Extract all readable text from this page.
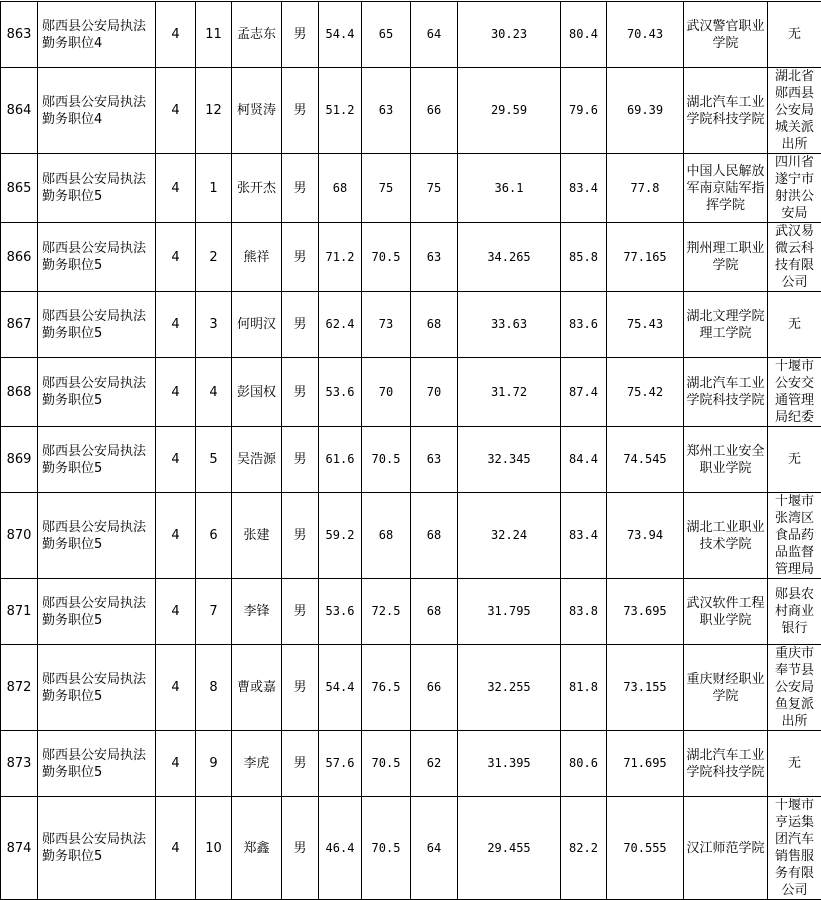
863	郧西县公安局执法勤务职位4	4	11	孟志东	男	54.4	65	64	30.23	80.4	70.43	武汉警官职业学院	无
864	郧西县公安局执法勤务职位4	4	12	柯贤涛	男	51.2	63	66	29.59	79.6	69.39	湖北汽车工业学院科技学院	湖北省郧西县公安局城关派出所
865	郧西县公安局执法勤务职位5	4	1	张开杰	男	68	75	75	36.1	83.4	77.8	中国人民解放军南京陆军指挥学院	四川省遂宁市射洪公安局
866	郧西县公安局执法勤务职位5	4	2	熊祥	男	71.2	70.5	63	34.265	85.8	77.165	荆州理工职业学院	武汉易微云科技有限公司
867	郧西县公安局执法勤务职位5	4	3	何明汉	男	62.4	73	68	33.63	83.6	75.43	湖北文理学院理工学院	无
868	郧西县公安局执法勤务职位5	4	4	彭国权	男	53.6	70	70	31.72	87.4	75.42	湖北汽车工业学院科技学院	十堰市公安交通管理局纪委
869	郧西县公安局执法勤务职位5	4	5	吴浩源	男	61.6	70.5	63	32.345	84.4	74.545	郑州工业安全职业学院	无
870	郧西县公安局执法勤务职位5	4	6	张建	男	59.2	68	68	32.24	83.4	73.94	湖北工业职业技术学院	十堰市张湾区食品药品监督管理局
871	郧西县公安局执法勤务职位5	4	7	李锋	男	53.6	72.5	68	31.795	83.8	73.695	武汉软件工程职业学院	郧县农村商业银行
872	郧西县公安局执法勤务职位5	4	8	曹或嘉	男	54.4	76.5	66	32.255	81.8	73.155	重庆财经职业学院	重庆市奉节县公安局鱼复派出所
873	郧西县公安局执法勤务职位5	4	9	李虎	男	57.6	70.5	62	31.395	80.6	71.695	湖北汽车工业学院科技学院	无
874	郧西县公安局执法勤务职位5	4	10	郑鑫	男	46.4	70.5	64	29.455	82.2	70.555	汉江师范学院	十堰市亨运集团汽车销售服务有限公司
